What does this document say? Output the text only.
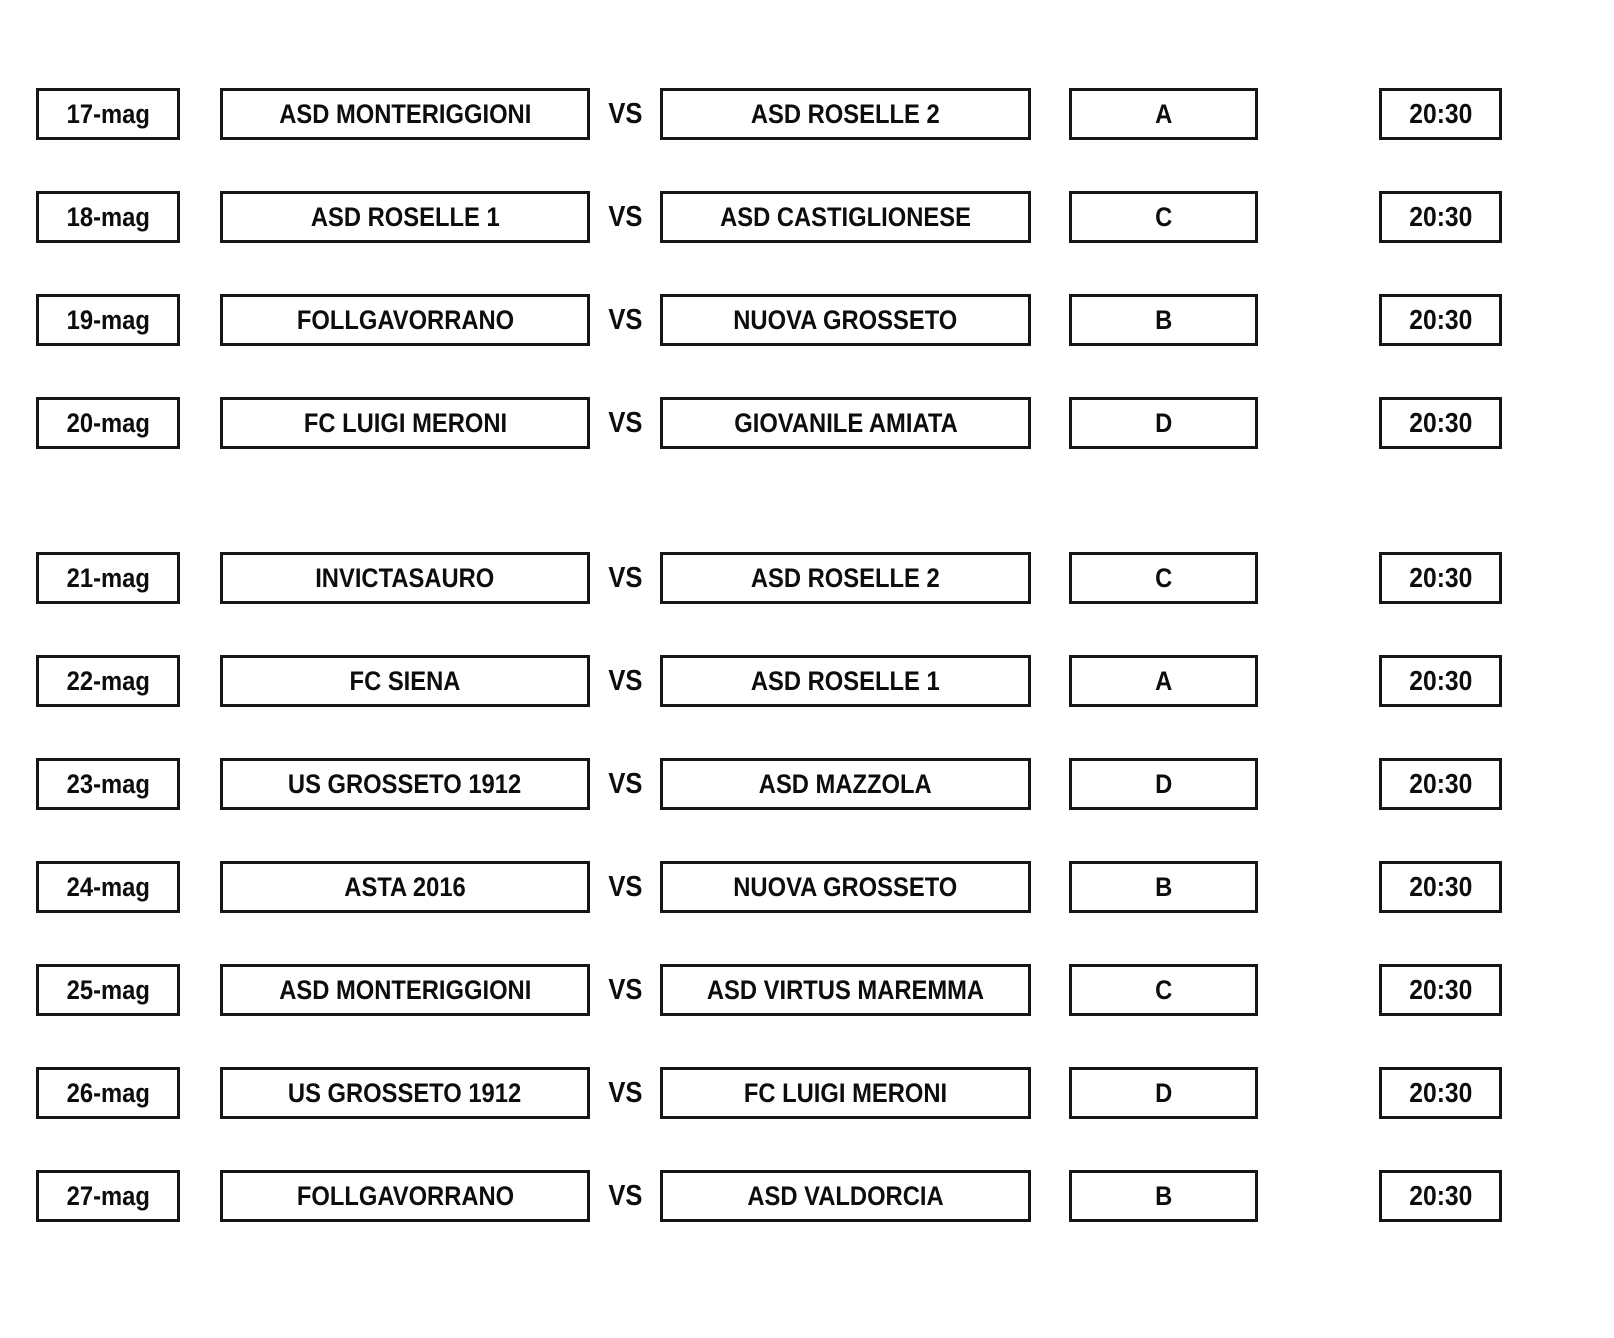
17-mag	ASD MONTERIGGIONI	VS	ASD ROSELLE 2	A	20:30
18-mag	ASD ROSELLE 1	VS	ASD CASTIGLIONESE	C	20:30
19-mag	FOLLGAVORRANO	VS	NUOVA GROSSETO	B	20:30
20-mag	FC LUIGI MERONI	VS	GIOVANILE AMIATA	D	20:30
21-mag	INVICTASAURO	VS	ASD ROSELLE 2	C	20:30
22-mag	FC SIENA	VS	ASD ROSELLE 1	A	20:30
23-mag	US GROSSETO 1912	VS	ASD MAZZOLA	D	20:30
24-mag	ASTA 2016	VS	NUOVA GROSSETO	B	20:30
25-mag	ASD MONTERIGGIONI	VS ASD VIRTUS MAREMMA	C	20:30
26-mag	US GROSSETO 1912	VS	FC LUIGI MERONI	D	20:30
27-mag	FOLLGAVORRANO	VS	ASD VALDORCIA	B	20:30
